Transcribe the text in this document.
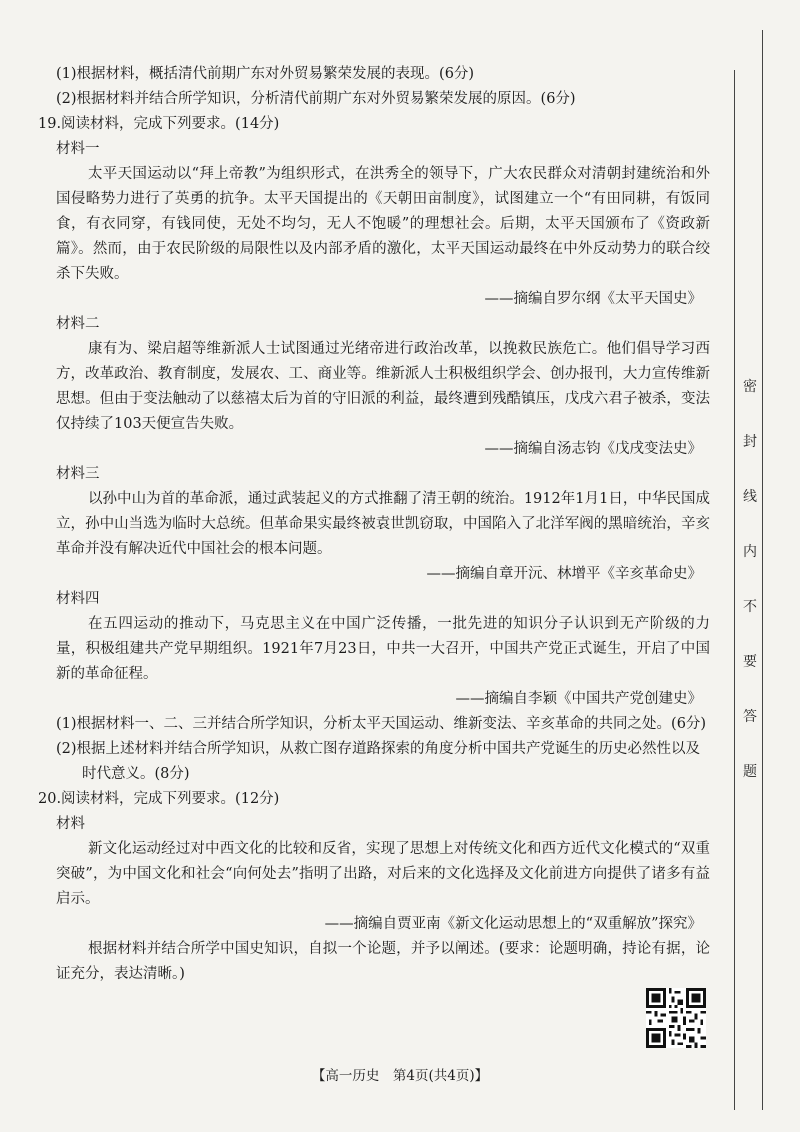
(1)根据材料，概括清代前期广东对外贸易繁荣发展的表现。(6分)
(2)根据材料并结合所学知识，分析清代前期广东对外贸易繁荣发展的原因。(6分)
19.阅读材料，完成下列要求。(14分)
材料一
太平天国运动以“拜上帝教”为组织形式，在洪秀全的领导下，广大农民群众对清朝封建统治和外国侵略势力进行了英勇的抗争。太平天国提出的《天朝田亩制度》，试图建立一个“有田同耕，有饭同食，有衣同穿，有钱同使，无处不均匀，无人不饱暖”的理想社会。后期，太平天国颁布了《资政新篇》。然而，由于农民阶级的局限性以及内部矛盾的激化，太平天国运动最终在中外反动势力的联合绞杀下失败。
——摘编自罗尔纲《太平天国史》
材料二
康有为、梁启超等维新派人士试图通过光绪帝进行政治改革，以挽救民族危亡。他们倡导学习西方，改革政治、教育制度，发展农、工、商业等。维新派人士积极组织学会、创办报刊，大力宣传维新思想。但由于变法触动了以慈禧太后为首的守旧派的利益，最终遭到残酷镇压，戊戌六君子被杀，变法仅持续了103天便宣告失败。
——摘编自汤志钧《戊戌变法史》
材料三
以孙中山为首的革命派，通过武装起义的方式推翻了清王朝的统治。1912年1月1日，中华民国成立，孙中山当选为临时大总统。但革命果实最终被袁世凯窃取，中国陷入了北洋军阀的黑暗统治，辛亥革命并没有解决近代中国社会的根本问题。
——摘编自章开沅、林增平《辛亥革命史》
材料四
在五四运动的推动下，马克思主义在中国广泛传播，一批先进的知识分子认识到无产阶级的力量，积极组建共产党早期组织。1921年7月23日，中共一大召开，中国共产党正式诞生，开启了中国新的革命征程。
——摘编自李颖《中国共产党创建史》
(1)根据材料一、二、三并结合所学知识，分析太平天国运动、维新变法、辛亥革命的共同之处。(6分)
(2)根据上述材料并结合所学知识，从救亡图存道路探索的角度分析中国共产党诞生的历史必然性以及时代意义。(8分)
20.阅读材料，完成下列要求。(12分)
材料
新文化运动经过对中西文化的比较和反省，实现了思想上对传统文化和西方近代文化模式的“双重突破”，为中国文化和社会“向何处去”指明了出路，对后来的文化选择及文化前进方向提供了诸多有益启示。
——摘编自贾亚南《新文化运动思想上的“双重解放”探究》
根据材料并结合所学中国史知识，自拟一个论题，并予以阐述。(要求：论题明确，持论有据，论证充分，表达清晰。)
密
封
线
内
不
要
答
题
【高一历史　第4页(共4页)】
